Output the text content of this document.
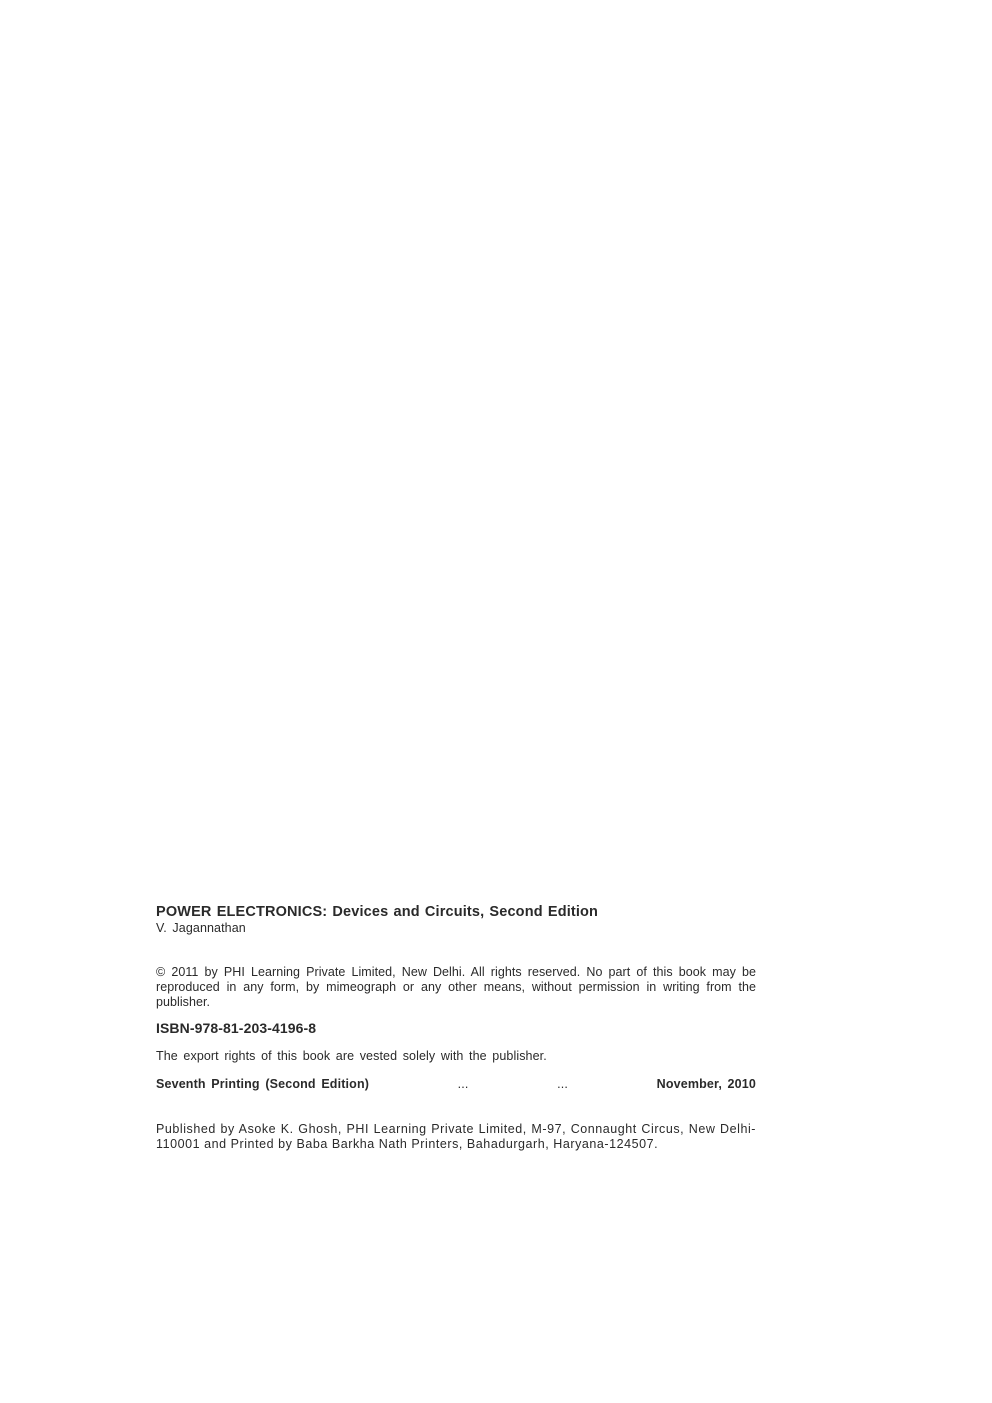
POWER ELECTRONICS: Devices and Circuits, Second Edition

V. Jagannathan

© 2011 by PHI Learning Private Limited, New Delhi. All rights reserved. No part of this book may be reproduced in any form, by mimeograph or any other means, without permission in writing from the publisher.

ISBN-978-81-203-4196-8

The export rights of this book are vested solely with the publisher.

Seventh Printing (Second Edition)	...	...	November, 2010

Published by Asoke K. Ghosh, PHI Learning Private Limited, M-97, Connaught Circus, New Delhi-110001 and Printed by Baba Barkha Nath Printers, Bahadurgarh, Haryana-124507.
